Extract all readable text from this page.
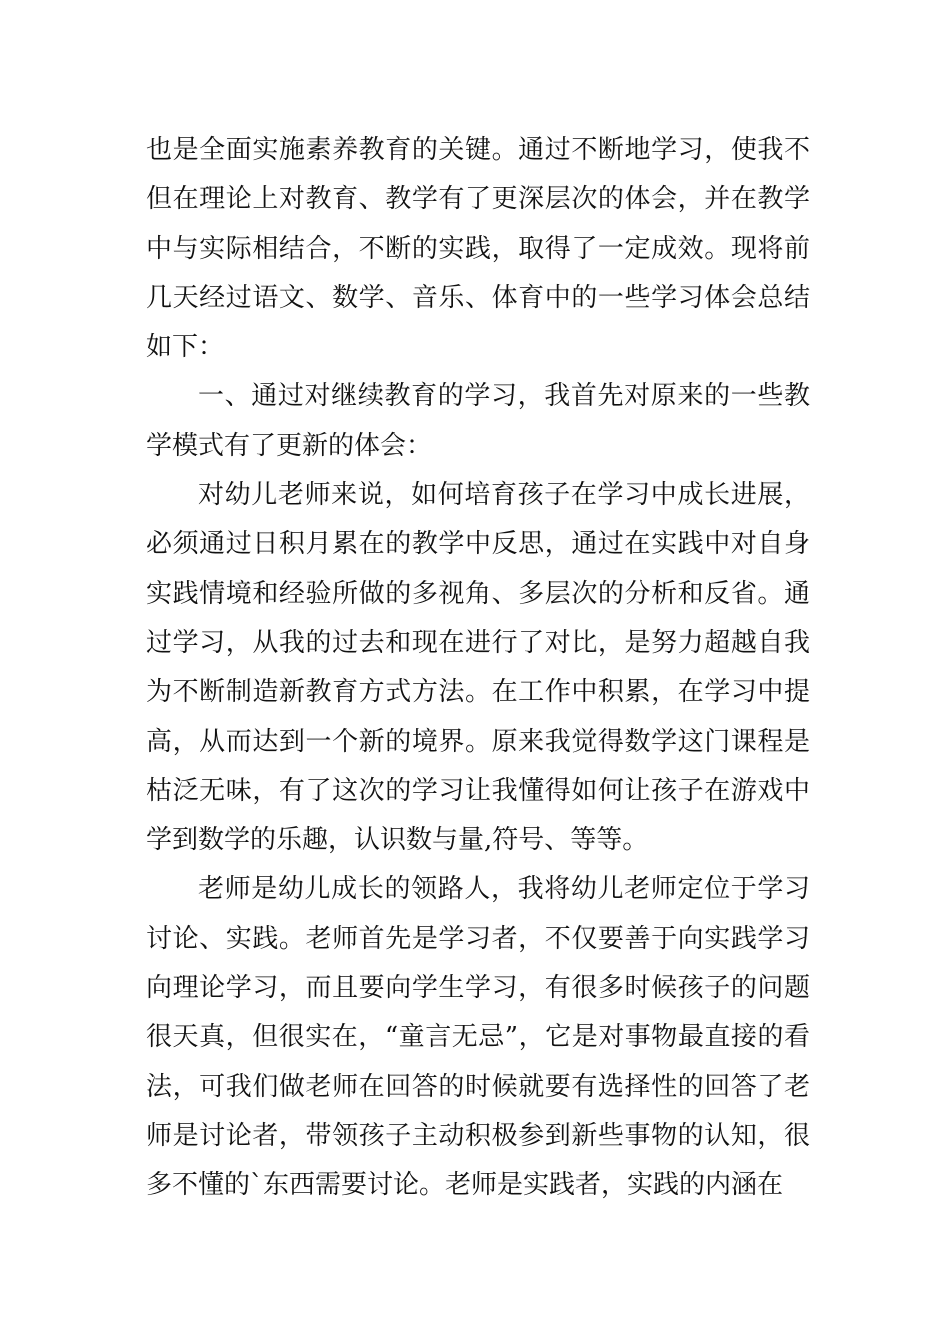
也是全面实施素养教育的关键。通过不断地学习，使我不但在理论上对教育、教学有了更深层次的体会，并在教学中与实际相结合，不断的实践，取得了一定成效。现将前几天经过语文、数学、音乐、体育中的一些学习体会总结如下：

一、通过对继续教育的学习，我首先对原来的一些教学模式有了更新的体会：

对幼儿老师来说，如何培育孩子在学习中成长进展，必须通过日积月累在的教学中反思，通过在实践中对自身实践情境和经验所做的多视角、多层次的分析和反省。通过学习，从我的过去和现在进行了对比，是努力超越自我为不断制造新教育方式方法。在工作中积累，在学习中提高，从而达到一个新的境界。原来我觉得数学这门课程是枯泛无味，有了这次的学习让我懂得如何让孩子在游戏中学到数学的乐趣，认识数与量,符号、等等。

老师是幼儿成长的领路人，我将幼儿老师定位于学习讨论、实践。老师首先是学习者，不仅要善于向实践学习向理论学习，而且要向学生学习，有很多时候孩子的问题很天真，但很实在，“童言无忌”，它是对事物最直接的看法，可我们做老师在回答的时候就要有选择性的回答了老师是讨论者，带领孩子主动积极参到新些事物的认知，很多不懂的`东西需要讨论。老师是实践者，实践的内涵在
